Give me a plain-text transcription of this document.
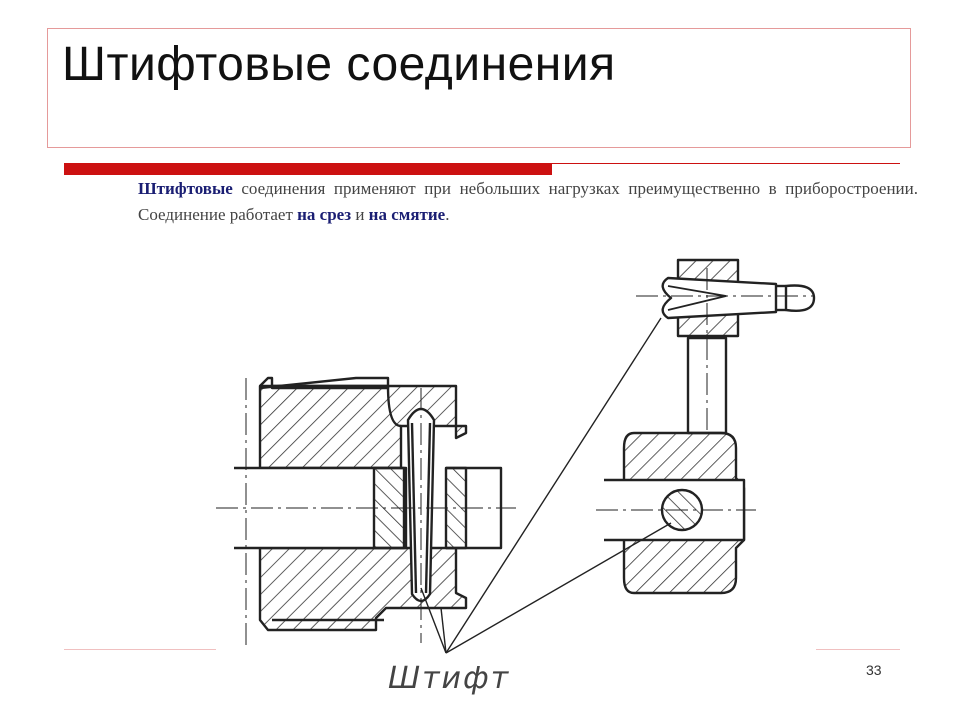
Штифтовые соединения
Штифтовые соединения применяют при небольших нагрузках преимущественно в приборостроении. Соединение работает на срез и на смятие.
Штифт	33
